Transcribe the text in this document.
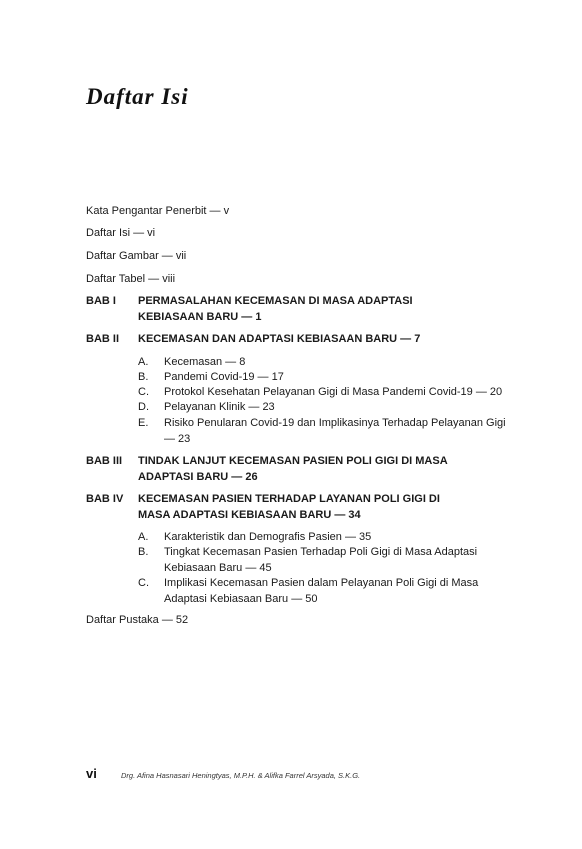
Daftar Isi
Kata Pengantar Penerbit — v
Daftar Isi — vi
Daftar Gambar — vii
Daftar Tabel — viii
BAB I PERMASALAHAN KECEMASAN DI MASA ADAPTASI KEBIASAAN BARU — 1
BAB II KECEMASAN DAN ADAPTASI KEBIASAAN BARU — 7
A. Kecemasan — 8
B. Pandemi Covid-19 — 17
C. Protokol Kesehatan Pelayanan Gigi di Masa Pandemi Covid-19 — 20
D. Pelayanan Klinik — 23
E. Risiko Penularan Covid-19 dan Implikasinya Terhadap Pelayanan Gigi — 23
BAB III TINDAK LANJUT KECEMASAN PASIEN POLI GIGI DI MASA ADAPTASI BARU — 26
BAB IV KECEMASAN PASIEN TERHADAP LAYANAN POLI GIGI DI MASA ADAPTASI KEBIASAAN BARU — 34
A. Karakteristik dan Demografis Pasien — 35
B. Tingkat Kecemasan Pasien Terhadap Poli Gigi di Masa Adaptasi Kebiasaan Baru — 45
C. Implikasi Kecemasan Pasien dalam Pelayanan Poli Gigi di Masa Adaptasi Kebiasaan Baru — 50
Daftar Pustaka — 52
vi	Drg. Afina Hasnasari Heningtyas, M.P.H. & Alifka Farrel Arsyada, S.K.G.
